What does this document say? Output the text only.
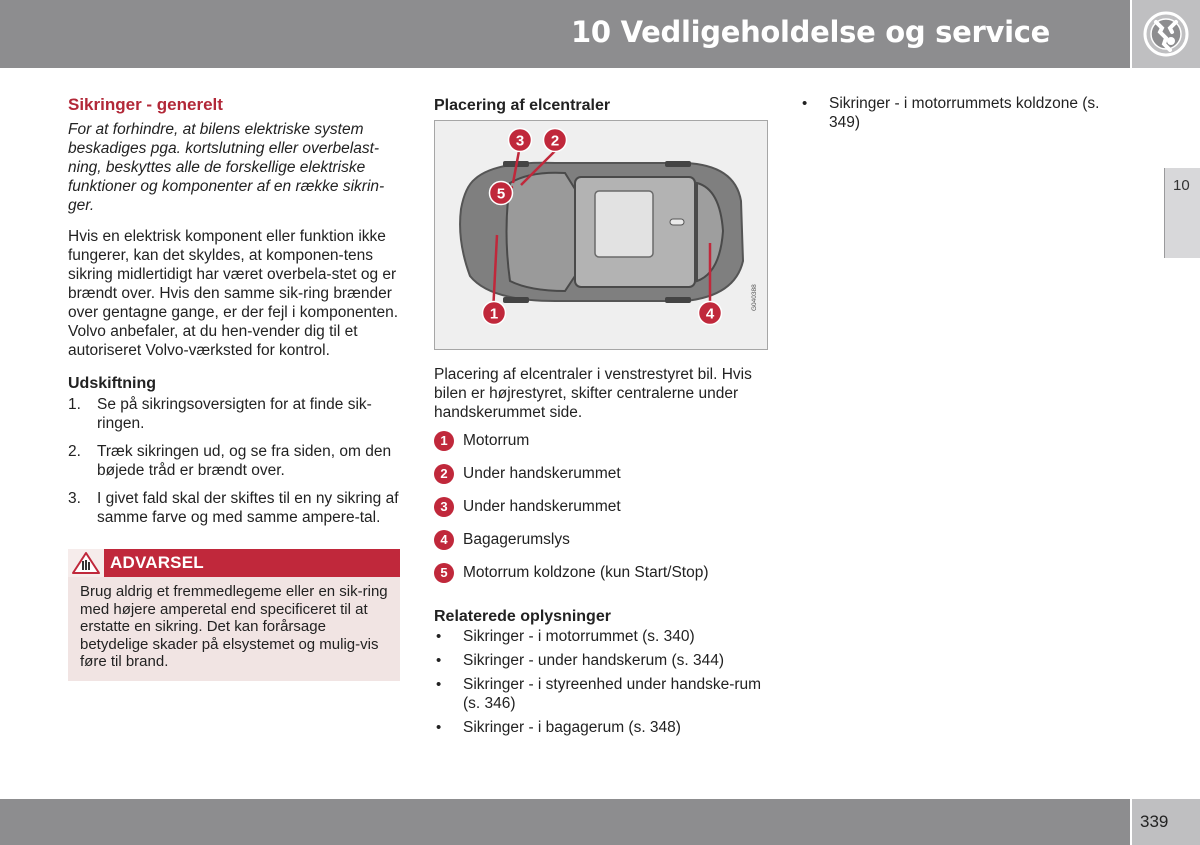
10 Vedligeholdelse og service
10
Sikringer - generelt
For at forhindre, at bilens elektriske system beskadiges pga. kortslutning eller overbelast-ning, beskyttes alle de forskellige elektriske funktioner og komponenter af en række sikrin-ger.

Hvis en elektrisk komponent eller funktion ikke fungerer, kan det skyldes, at komponen-tens sikring midlertidigt har været overbela-stet og er brændt over. Hvis den samme sik-ring brænder over gentagne gange, er der fejl i komponenten. Volvo anbefaler, at du hen-vender dig til et autoriseret Volvo-værksted for kontrol.

Udskiftning
1. Se på sikringsoversigten for at finde sik-ringen.
2. Træk sikringen ud, og se fra siden, om den bøjede tråd er brændt over.
3. I givet fald skal der skiftes til en ny sikring af samme farve og med samme ampere-tal.
ADVARSEL
Brug aldrig et fremmedlegeme eller en sik-ring med højere amperetal end specificeret til at erstatte en sikring. Det kan forårsage betydelige skader på elsystemet og mulig-vis føre til brand.
Placering af elcentraler
3 2
5
1	4
G040388

Placering af elcentraler i venstrestyret bil. Hvis bilen er højrestyret, skifter centralerne under handskerummet side.

1 Motorrum
2 Under handskerummet
3 Under handskerummet
4 Bagagerumslys
5 Motorrum koldzone (kun Start/Stop)
Relaterede oplysninger
• Sikringer - i motorrummet (s. 340)
• Sikringer - under handskerum (s. 344)
• Sikringer - i styreenhed under handske-rum (s. 346)
• Sikringer - i bagagerum (s. 348)
• Sikringer - i motorrummets koldzone (s. 349)
339
